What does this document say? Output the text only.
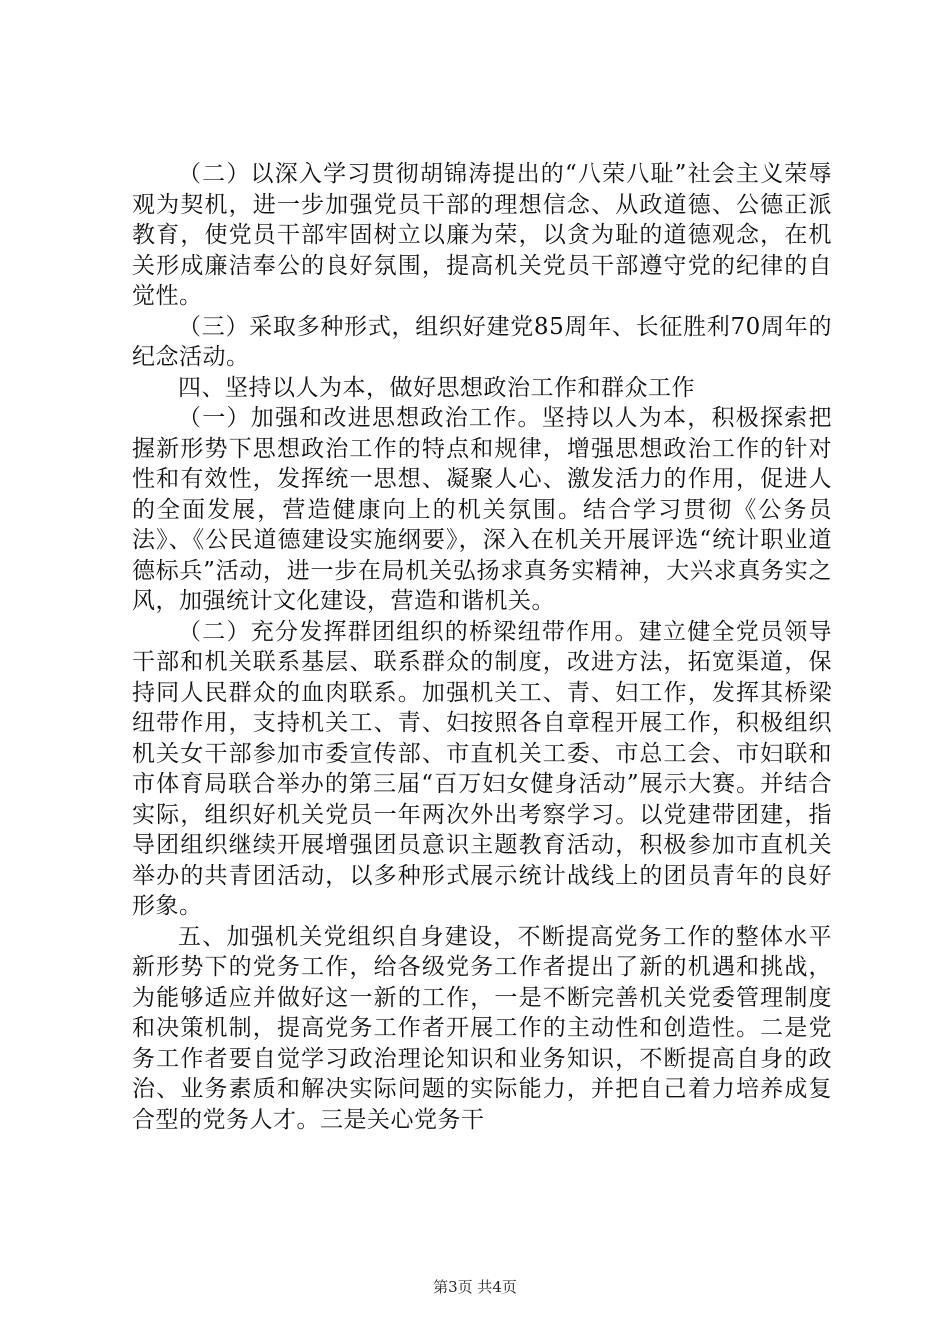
（二）以深入学习贯彻胡锦涛提出的“八荣八耻”社会主义荣辱观为契机，进一步加强党员干部的理想信念、从政道德、公德正派教育，使党员干部牢固树立以廉为荣，以贪为耻的道德观念，在机关形成廉洁奉公的良好氛围，提高机关党员干部遵守党的纪律的自觉性。

（三）采取多种形式，组织好建党85周年、长征胜利70周年的纪念活动。

四、坚持以人为本，做好思想政治工作和群众工作

（一）加强和改进思想政治工作。坚持以人为本，积极探索把握新形势下思想政治工作的特点和规律，增强思想政治工作的针对性和有效性，发挥统一思想、凝聚人心、激发活力的作用，促进人的全面发展，营造健康向上的机关氛围。结合学习贯彻《公务员法》、《公民道德建设实施纲要》，深入在机关开展评选“统计职业道德标兵”活动，进一步在局机关弘扬求真务实精神，大兴求真务实之风，加强统计文化建设，营造和谐机关。

（二）充分发挥群团组织的桥梁纽带作用。建立健全党员领导干部和机关联系基层、联系群众的制度，改进方法，拓宽渠道，保持同人民群众的血肉联系。加强机关工、青、妇工作，发挥其桥梁纽带作用，支持机关工、青、妇按照各自章程开展工作，积极组织机关女干部参加市委宣传部、市直机关工委、市总工会、市妇联和市体育局联合举办的第三届“百万妇女健身活动”展示大赛。并结合实际，组织好机关党员一年两次外出考察学习。以党建带团建，指导团组织继续开展增强团员意识主题教育活动，积极参加市直机关举办的共青团活动，以多种形式展示统计战线上的团员青年的良好形象。

五、加强机关党组织自身建设，不断提高党务工作的整体水平新形势下的党务工作，给各级党务工作者提出了新的机遇和挑战，为能够适应并做好这一新的工作，一是不断完善机关党委管理制度和决策机制，提高党务工作者开展工作的主动性和创造性。二是党务工作者要自觉学习政治理论知识和业务知识，不断提高自身的政治、业务素质和解决实际问题的实际能力，并把自己着力培养成复合型的党务人才。三是关心党务干

第3页 共4页
